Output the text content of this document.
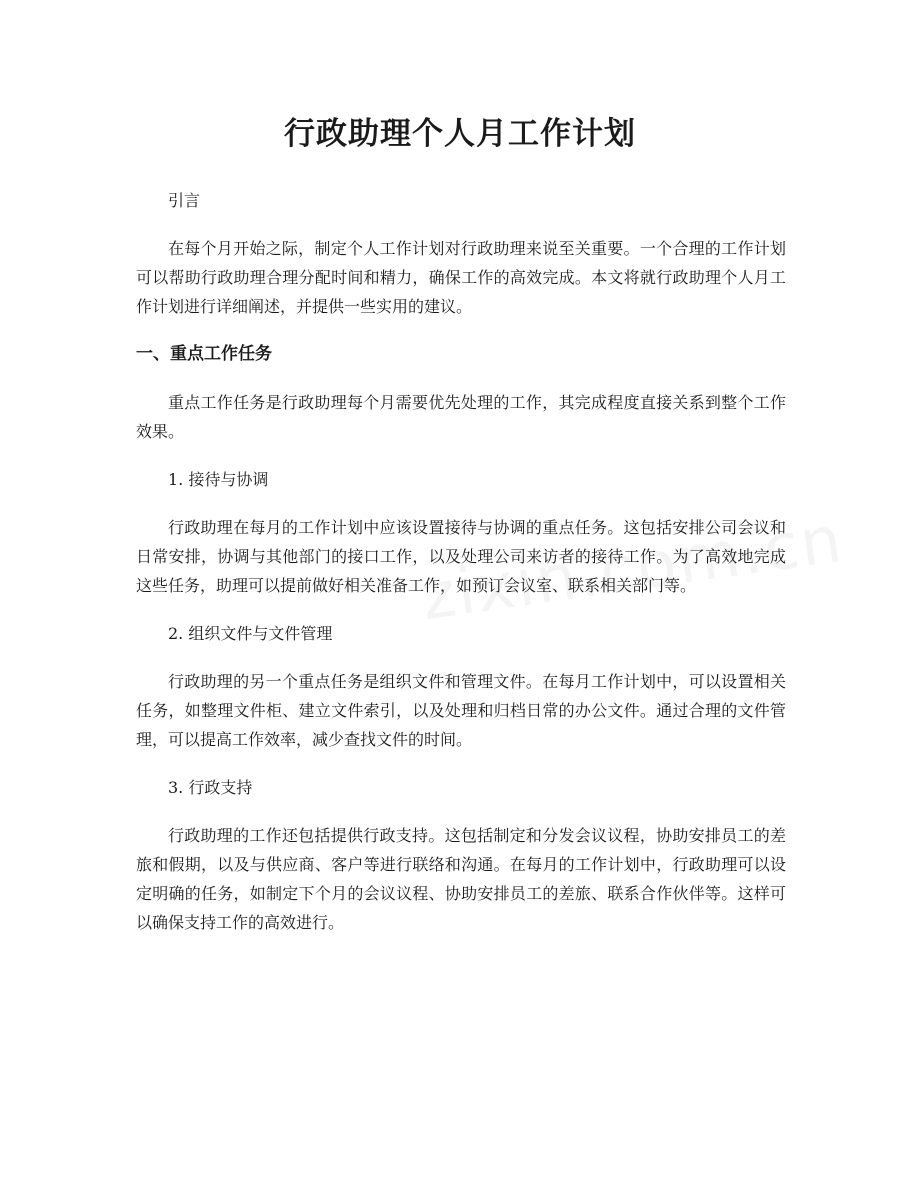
行政助理个人月工作计划

引言

在每个月开始之际，制定个人工作计划对行政助理来说至关重要。一个合理的工作计划可以帮助行政助理合理分配时间和精力，确保工作的高效完成。本文将就行政助理个人月工作计划进行详细阐述，并提供一些实用的建议。

一、重点工作任务

重点工作任务是行政助理每个月需要优先处理的工作，其完成程度直接关系到整个工作效果。

1. 接待与协调

行政助理在每月的工作计划中应该设置接待与协调的重点任务。这包括安排公司会议和日常安排，协调与其他部门的接口工作，以及处理公司来访者的接待工作。为了高效地完成这些任务，助理可以提前做好相关准备工作，如预订会议室、联系相关部门等。

2. 组织文件与文件管理

行政助理的另一个重点任务是组织文件和管理文件。在每月工作计划中，可以设置相关任务，如整理文件柜、建立文件索引，以及处理和归档日常的办公文件。通过合理的文件管理，可以提高工作效率，减少查找文件的时间。

3. 行政支持

行政助理的工作还包括提供行政支持。这包括制定和分发会议议程，协助安排员工的差旅和假期，以及与供应商、客户等进行联络和沟通。在每月的工作计划中，行政助理可以设定明确的任务，如制定下个月的会议议程、协助安排员工的差旅、联系合作伙伴等。这样可以确保支持工作的高效进行。
